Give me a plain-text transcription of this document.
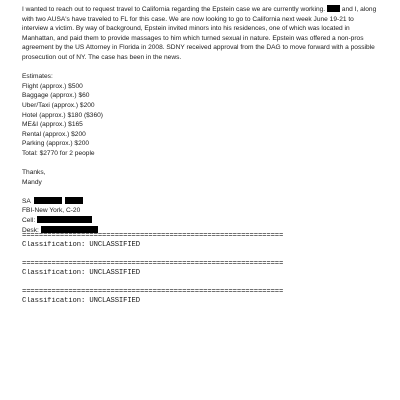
I wanted to reach out to request travel to California regarding the Epstein case we are currently working.	and I, along
with two AUSA's have traveled to FL for this case. We are now looking to go to California next week June 19-21 to
interview a victim. By way of background, Epstein invited minors into his residences, one of which was located in
Manhattan, and paid them to provide massages to him which turned sexual in nature. Epstein was offered a non-pros
agreement by the US Attorney in Florida in 2008. SDNY received approval from the DAG to move forward with a possible
prosecution out of NY. The case has been in the news.
Estimates:
Flight (approx.) $500
Baggage (approx.) $60
Uber/Taxi (approx.) $200
Hotel (approx.) $180 ($360)
ME&I (approx.) $165
Rental (approx.) $200
Parking (approx.) $200
Total: $2770 for 2 people
Thanks,
Mandy
SA
FBI-New York, C-20
Cell:
Desk:
==============================================================
Classification: UNCLASSIFIED
==============================================================
Classification: UNCLASSIFIED
==============================================================
Classification: UNCLASSIFIED
